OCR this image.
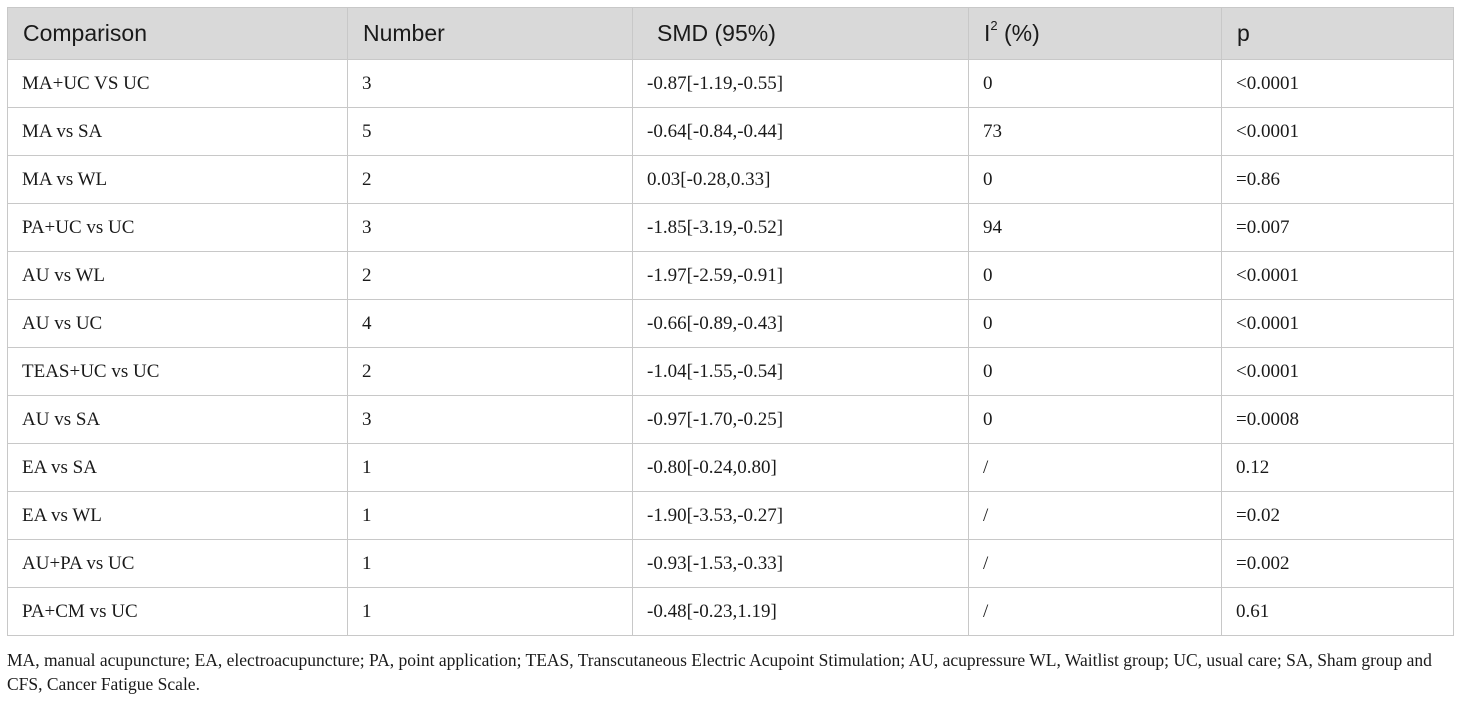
Comparison	Number	SMD (95%)	$I^2$ (%)	p
MA+UC VS UC	3	-0.87[-1.19,-0.55]	0	<0.0001
MA vs SA	5	-0.64[-0.84,-0.44]	73	<0.0001
MA vs WL	2	0.03[-0.28,0.33]	0	=0.86
PA+UC vs UC	3	-1.85[-3.19,-0.52]	94	=0.007
AU vs WL	2	-1.97[-2.59,-0.91]	0	<0.0001
AU vs UC	4	-0.66[-0.89,-0.43]	0	<0.0001
TEAS+UC vs UC	2	-1.04[-1.55,-0.54]	0	<0.0001
AU vs SA	3	-0.97[-1.70,-0.25]	0	=0.0008
EA vs SA	1	-0.80[-0.24,0.80]	/	0.12
EA vs WL	1	-1.90[-3.53,-0.27]	/	=0.02
AU+PA vs UC	1	-0.93[-1.53,-0.33]	/	=0.002
PA+CM vs UC	1	-0.48[-0.23,1.19]	/	0.61
MA, manual acupuncture; EA, electroacupuncture; PA, point application; TEAS, Transcutaneous Electric Acupoint Stimulation; AU, acupressure WL, Waitlist group; UC, usual care; SA, Sham group and CFS, Cancer Fatigue Scale.
